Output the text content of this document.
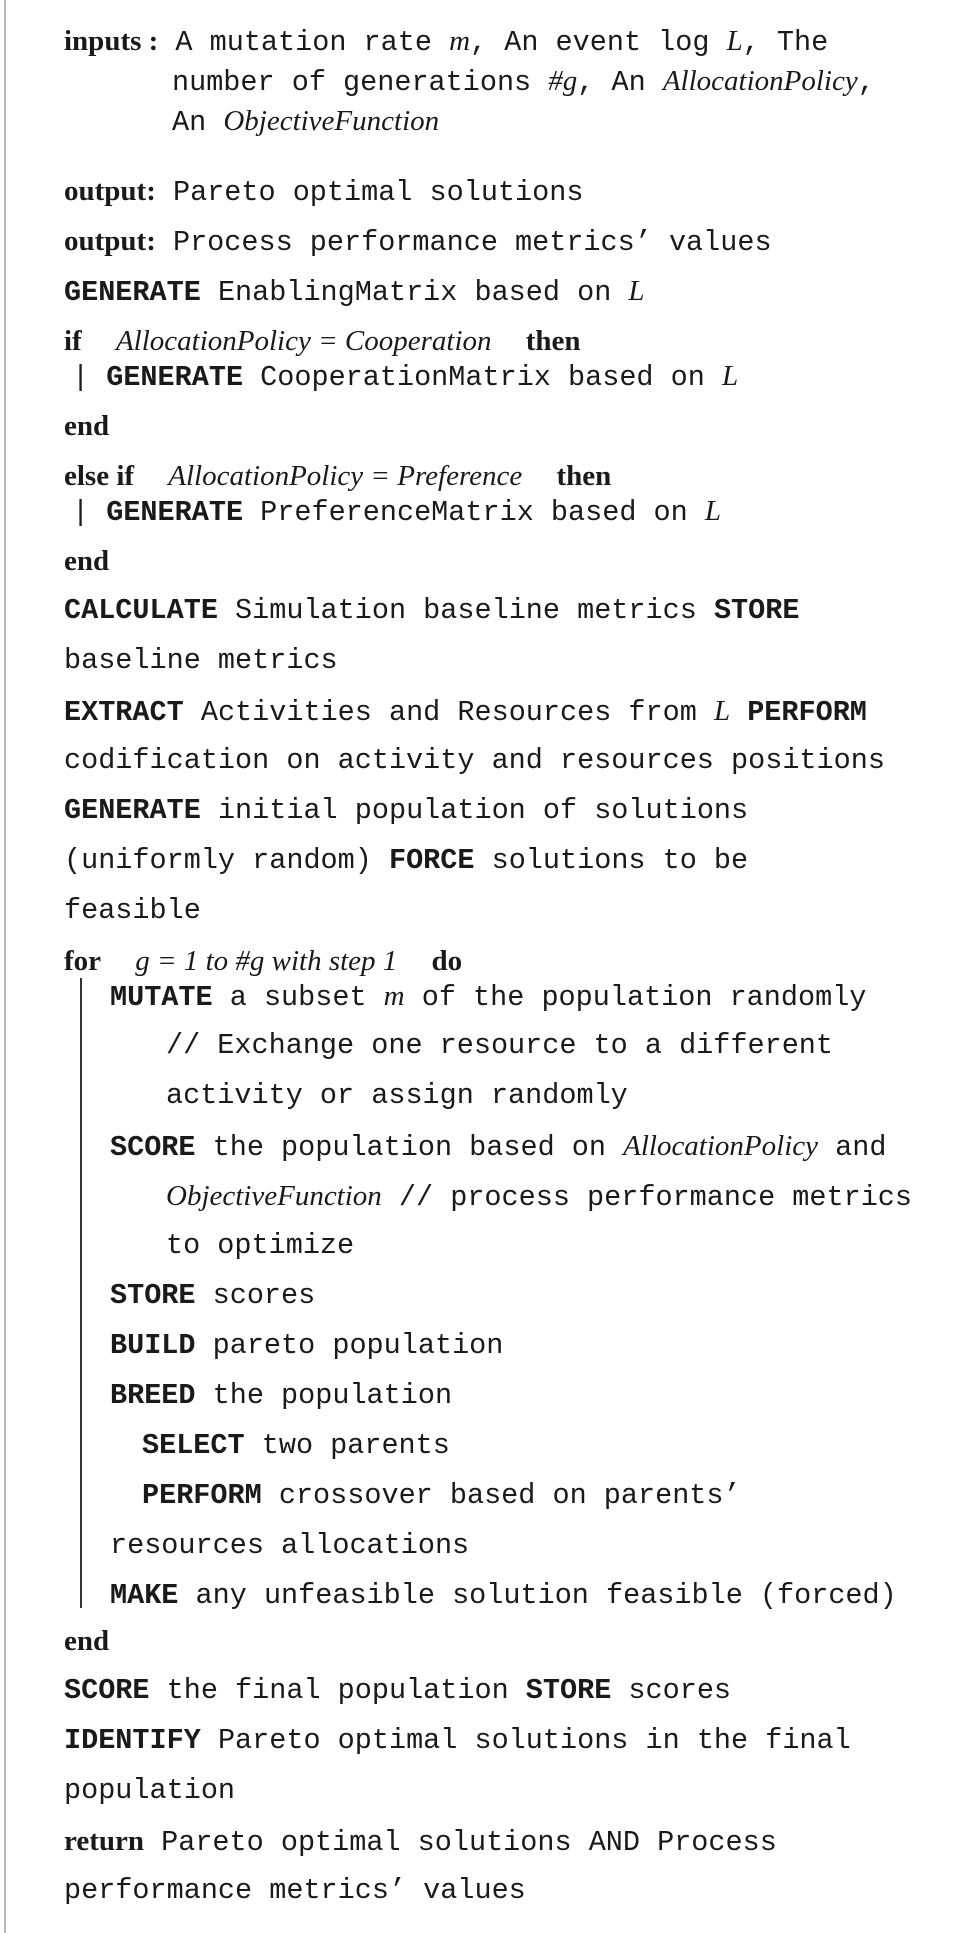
inputs : A mutation rate m, An event log L, The
number of generations #g, An AllocationPolicy,
An ObjectiveFunction
output: Pareto optimal solutions
output: Process performance metrics’ values
GENERATE EnablingMatrix based on L
if AllocationPolicy = Cooperation then
| GENERATE CooperationMatrix based on L
end
else if AllocationPolicy = Preference then
| GENERATE PreferenceMatrix based on L
end
CALCULATE Simulation baseline metrics STORE
baseline metrics
EXTRACT Activities and Resources from L PERFORM
codification on activity and resources positions
GENERATE initial population of solutions
(uniformly random) FORCE solutions to be
feasible
for g = 1 to #g with step 1 do
MUTATE a subset m of the population randomly
// Exchange one resource to a different
activity or assign randomly
SCORE the population based on AllocationPolicy and
ObjectiveFunction // process performance metrics
to optimize
STORE scores
BUILD pareto population
BREED the population
SELECT two parents
PERFORM crossover based on parents’
resources allocations
MAKE any unfeasible solution feasible (forced)
end
SCORE the final population STORE scores
IDENTIFY Pareto optimal solutions in the final
population
return Pareto optimal solutions AND Process
performance metrics’ values
